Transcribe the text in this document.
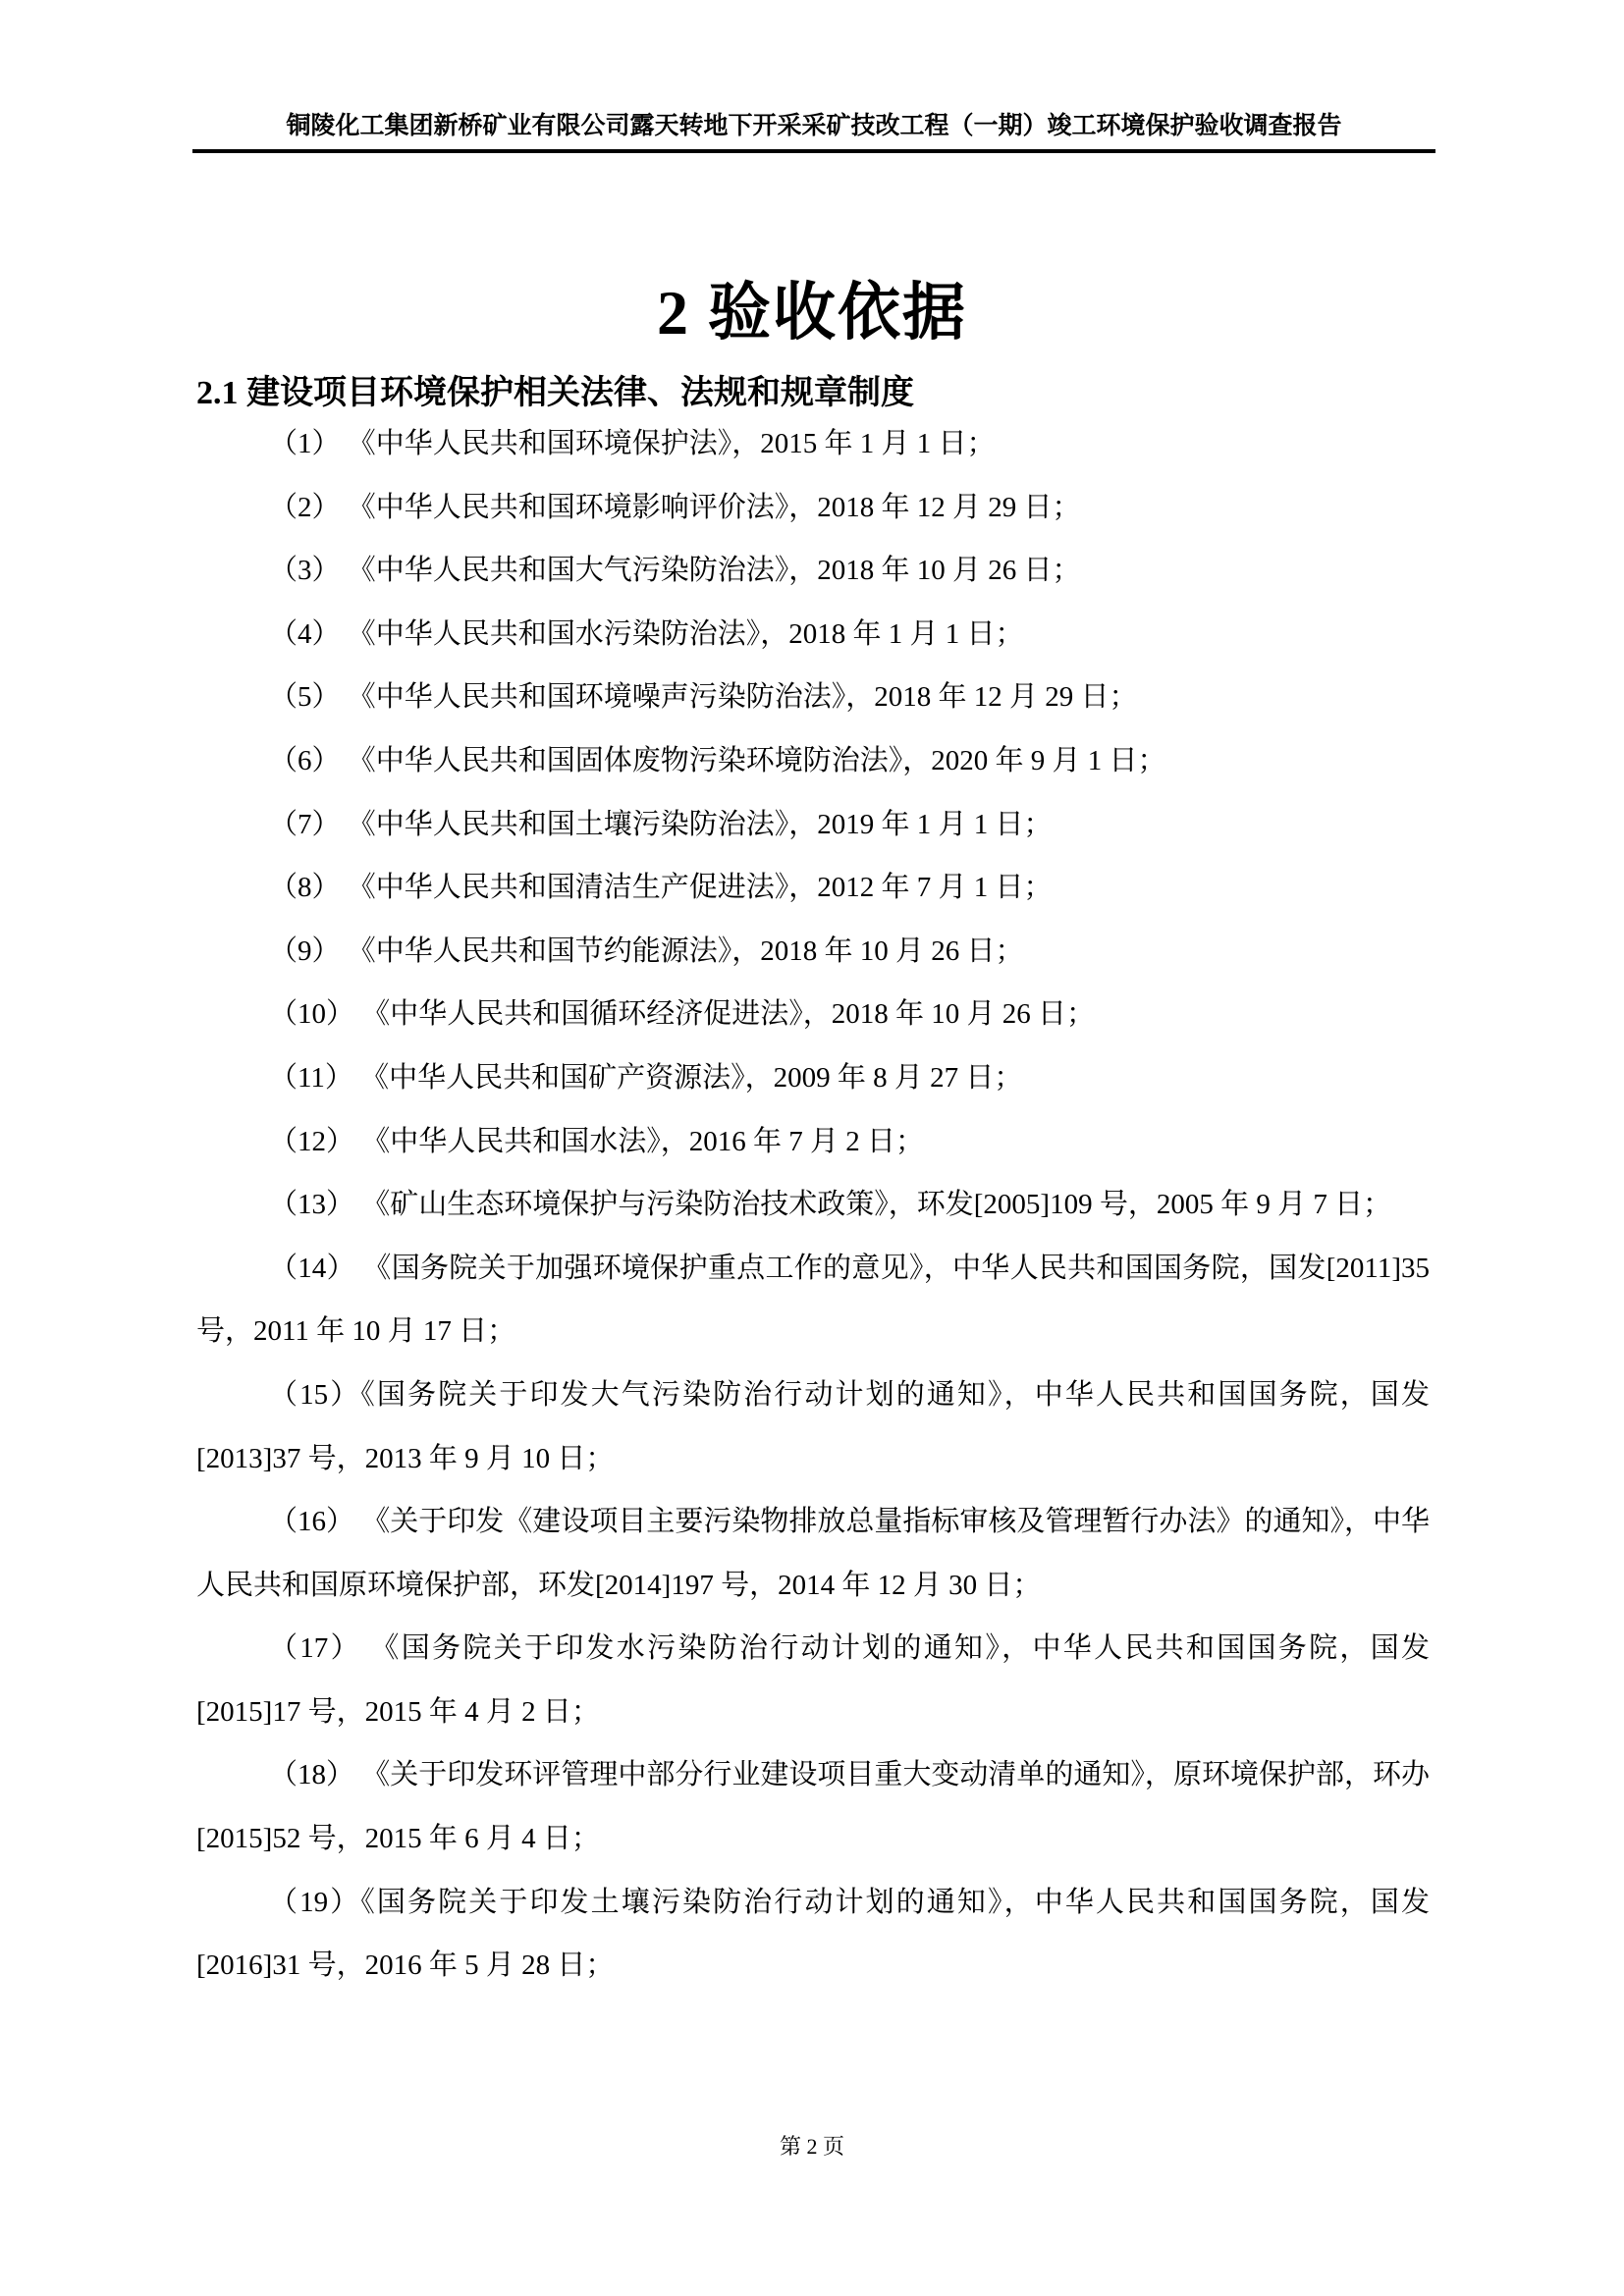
铜陵化工集团新桥矿业有限公司露天转地下开采采矿技改工程（一期）竣工环境保护验收调查报告
2 验收依据
2.1 建设项目环境保护相关法律、法规和规章制度

（1） 《中华人民共和国环境保护法》，2015 年 1 月 1 日；

（2） 《中华人民共和国环境影响评价法》，2018 年 12 月 29 日；

（3） 《中华人民共和国大气污染防治法》，2018 年 10 月 26 日；

（4） 《中华人民共和国水污染防治法》，2018 年 1 月 1 日；

（5） 《中华人民共和国环境噪声污染防治法》，2018 年 12 月 29 日；

（6） 《中华人民共和国固体废物污染环境防治法》，2020 年 9 月 1 日；

（7） 《中华人民共和国土壤污染防治法》，2019 年 1 月 1 日；

（8） 《中华人民共和国清洁生产促进法》，2012 年 7 月 1 日；

（9） 《中华人民共和国节约能源法》，2018 年 10 月 26 日；

（10） 《中华人民共和国循环经济促进法》，2018 年 10 月 26 日；

（11） 《中华人民共和国矿产资源法》，2009 年 8 月 27 日；

（12） 《中华人民共和国水法》，2016 年 7 月 2 日；

（13） 《矿山生态环境保护与污染防治技术政策》，环发[2005]109 号，2005 年 9 月 7 日；

（14） 《国务院关于加强环境保护重点工作的意见》，中华人民共和国国务院，国发[2011]35 号，2011 年 10 月 17 日；

（15）《国务院关于印发大气污染防治行动计划的通知》，中华人民共和国国务院，国发[2013]37 号，2013 年 9 月 10 日；

（16） 《关于印发《建设项目主要污染物排放总量指标审核及管理暂行办法》的通知》，中华人民共和国原环境保护部，环发[2014]197 号，2014 年 12 月 30 日；

（17） 《国务院关于印发水污染防治行动计划的通知》，中华人民共和国国务院，国发[2015]17 号，2015 年 4 月 2 日；

（18） 《关于印发环评管理中部分行业建设项目重大变动清单的通知》，原环境保护部，环办[2015]52 号，2015 年 6 月 4 日；

（19）《国务院关于印发土壤污染防治行动计划的通知》，中华人民共和国国务院，国发[2016]31 号，2016 年 5 月 28 日；

第 2 页
